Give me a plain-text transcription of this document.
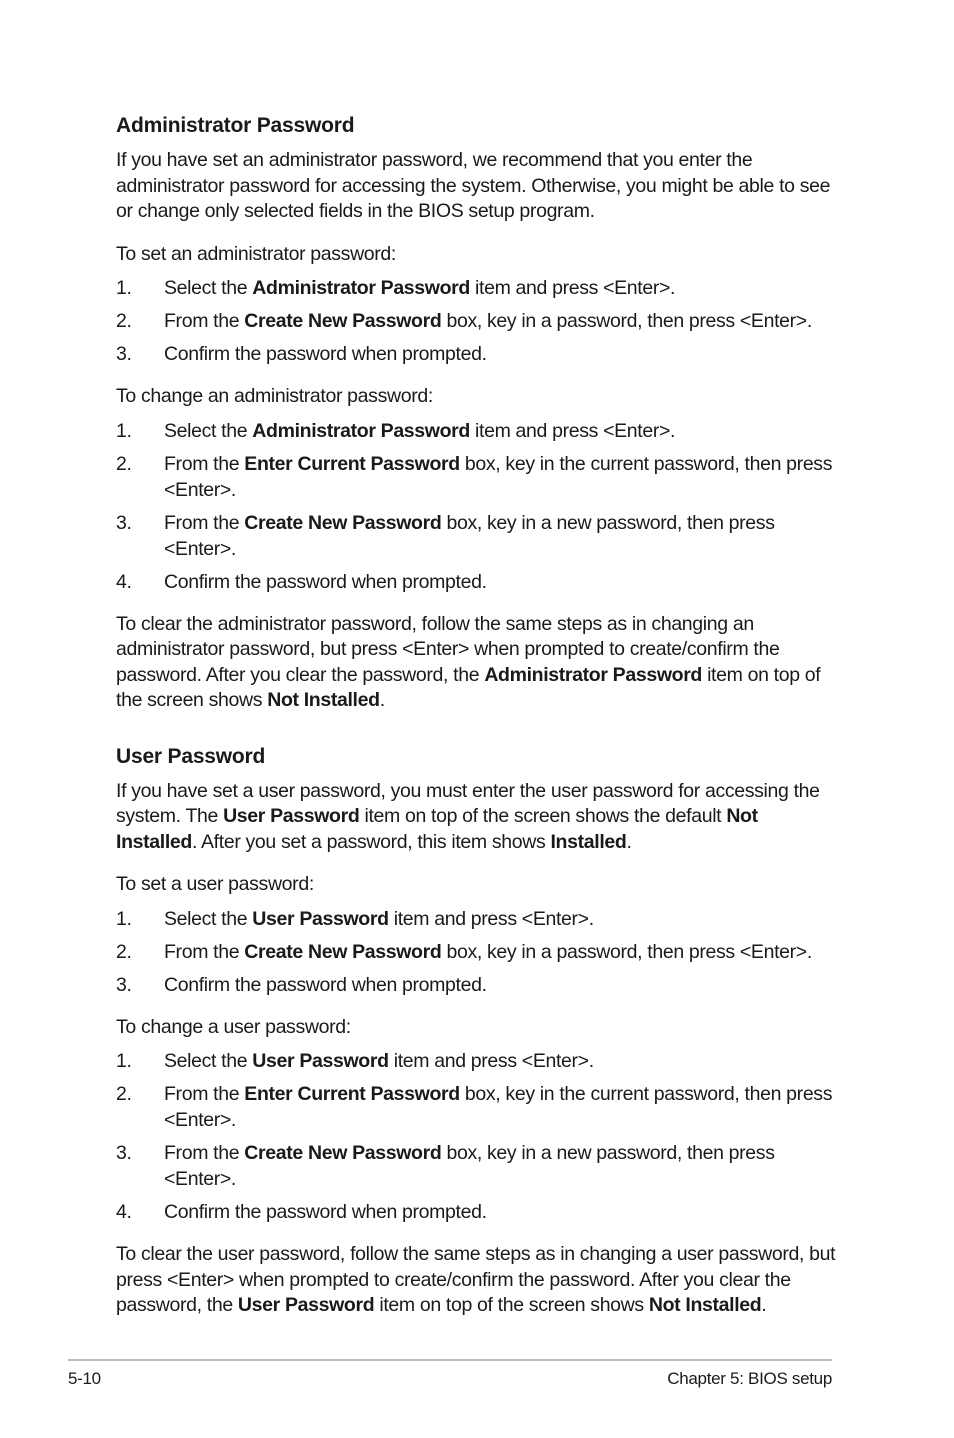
Administrator Password

If you have set an administrator password, we recommend that you enter the administrator password for accessing the system. Otherwise, you might be able to see or change only selected fields in the BIOS setup program.

To set an administrator password:

1. Select the Administrator Password item and press <Enter>.
2. From the Create New Password box, key in a password, then press <Enter>.
3. Confirm the password when prompted.

To change an administrator password:

1. Select the Administrator Password item and press <Enter>.
2. From the Enter Current Password box, key in the current password, then press <Enter>.
3. From the Create New Password box, key in a new password, then press <Enter>.
4. Confirm the password when prompted.

To clear the administrator password, follow the same steps as in changing an administrator password, but press <Enter> when prompted to create/confirm the password. After you clear the password, the Administrator Password item on top of the screen shows Not Installed.

User Password

If you have set a user password, you must enter the user password for accessing the system. The User Password item on top of the screen shows the default Not Installed. After you set a password, this item shows Installed.

To set a user password:

1. Select the User Password item and press <Enter>.
2. From the Create New Password box, key in a password, then press <Enter>.
3. Confirm the password when prompted.

To change a user password:

1. Select the User Password item and press <Enter>.
2. From the Enter Current Password box, key in the current password, then press <Enter>.
3. From the Create New Password box, key in a new password, then press <Enter>.
4. Confirm the password when prompted.

To clear the user password, follow the same steps as in changing a user password, but press <Enter> when prompted to create/confirm the password. After you clear the password, the User Password item on top of the screen shows Not Installed.

5-10	Chapter 5: BIOS setup
